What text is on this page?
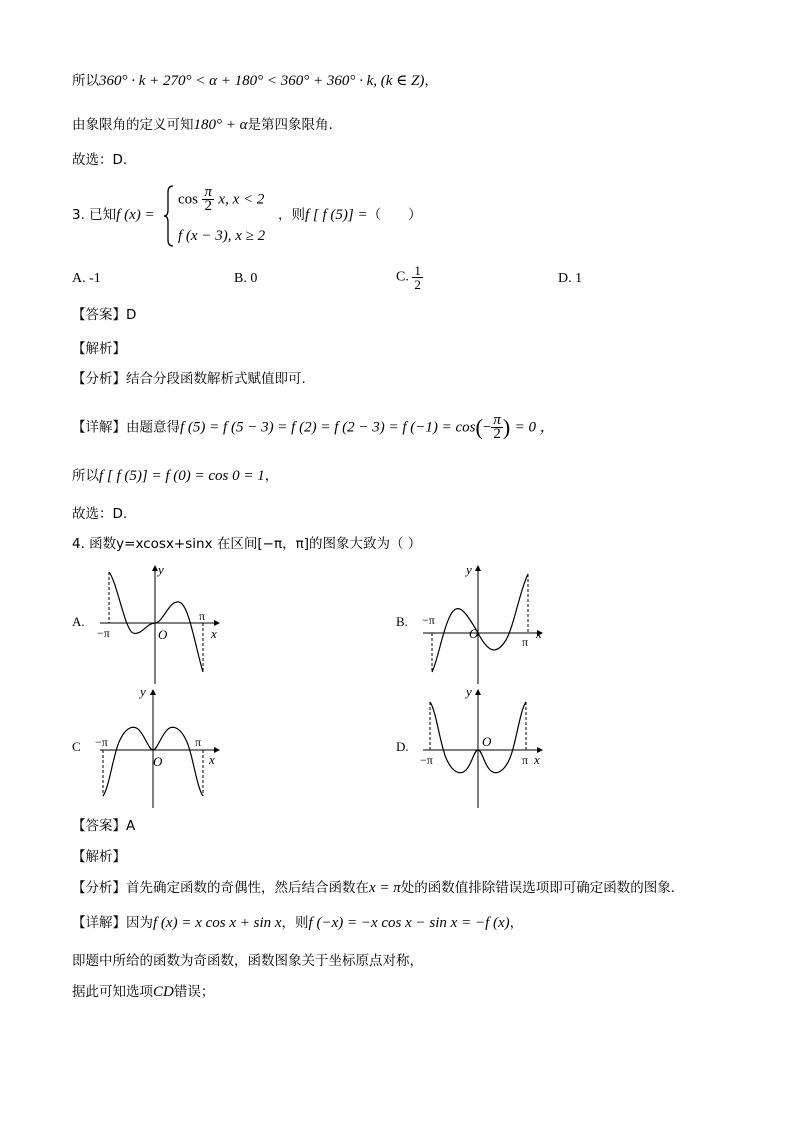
所以360° · k + 270° < α + 180° < 360° + 360° · k, (k ∈ Z)，
由象限角的定义可知180° + α是第四象限角.
故选：D.
3. 已知f (x) =
$\cos \frac{\pi}{2} x$, x < 2
f (x − 3), x ≥ 2
，则f [ f (5)] =（　　）
A. -1	B. 0	C. $\frac{1}{2}$	D. 1
【答案】D
【解析】
【分析】结合分段函数解析式赋值即可.
【详解】由题意得f (5) = f (5 − 3) = f (2) = f (2 − 3) = f $(-1) = \cos(- \frac{\pi}{2}$ ) = 0 ，
所以f [ f (5)] = f (0) = cos 0 = 1，
故选：D.
4. 函数y=xcosx+sinx 在区间[−π，π]的图象大致为（ ）
A.
y
x
O
−π
π	B.
y
x
O
−π
π
C
y
x
O
−π	π	D.
y
x
O
−π	π
【答案】A
【解析】
【分析】首先确定函数的奇偶性，然后结合函数在x = π处的函数值排除错误选项即可确定函数的图象.
【详解】因为f (x) = x cos x + sin x，则f (−x) = −x cos x − sin x = −f (x)，
即题中所给的函数为奇函数，函数图象关于坐标原点对称，
据此可知选项CD错误；
